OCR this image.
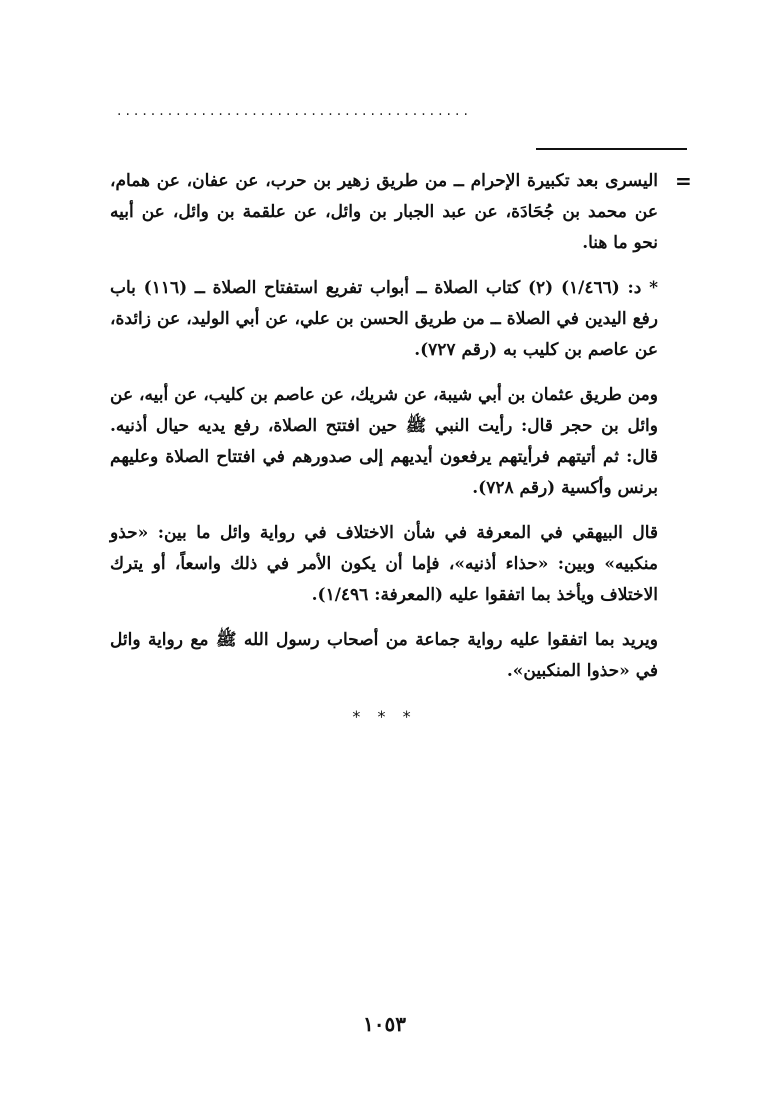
..........................................
=

اليسرى بعد تكبيرة الإحرام ــ من طريق زهير بن حرب، عن عفان، عن همام، عن محمد بن جُحَادَة، عن عبد الجبار بن وائل، عن علقمة بن وائل، عن أبيه نحو ما هنا.

* د: (١/٤٦٦) (٢) كتاب الصلاة ــ أبواب تفريع استفتاح الصلاة ــ (١١٦) باب رفع اليدين في الصلاة ــ من طريق الحسن بن علي، عن أبي الوليد، عن زائدة، عن عاصم بن كليب به (رقم ٧٢٧).

ومن طريق عثمان بن أبي شيبة، عن شريك، عن عاصم بن كليب، عن أبيه، عن وائل بن حجر قال: رأيت النبي ﷺ حين افتتح الصلاة، رفع يديه حيال أذنيه. قال: ثم أتيتهم فرأيتهم يرفعون أيديهم إلى صدورهم في افتتاح الصلاة وعليهم برنس وأكسية (رقم ٧٢٨).

قال البيهقي في المعرفة في شأن الاختلاف في رواية وائل ما بين: «حذو منكبيه» وبين: «حذاء أذنيه»، فإما أن يكون الأمر في ذلك واسعاً، أو يترك الاختلاف ويأخذ بما اتفقوا عليه (المعرفة: ١/٤٩٦).

ويريد بما اتفقوا عليه رواية جماعة من أصحاب رسول الله ﷺ مع رواية وائل في «حذوا المنكبين».

* * *
١٠٥٣
